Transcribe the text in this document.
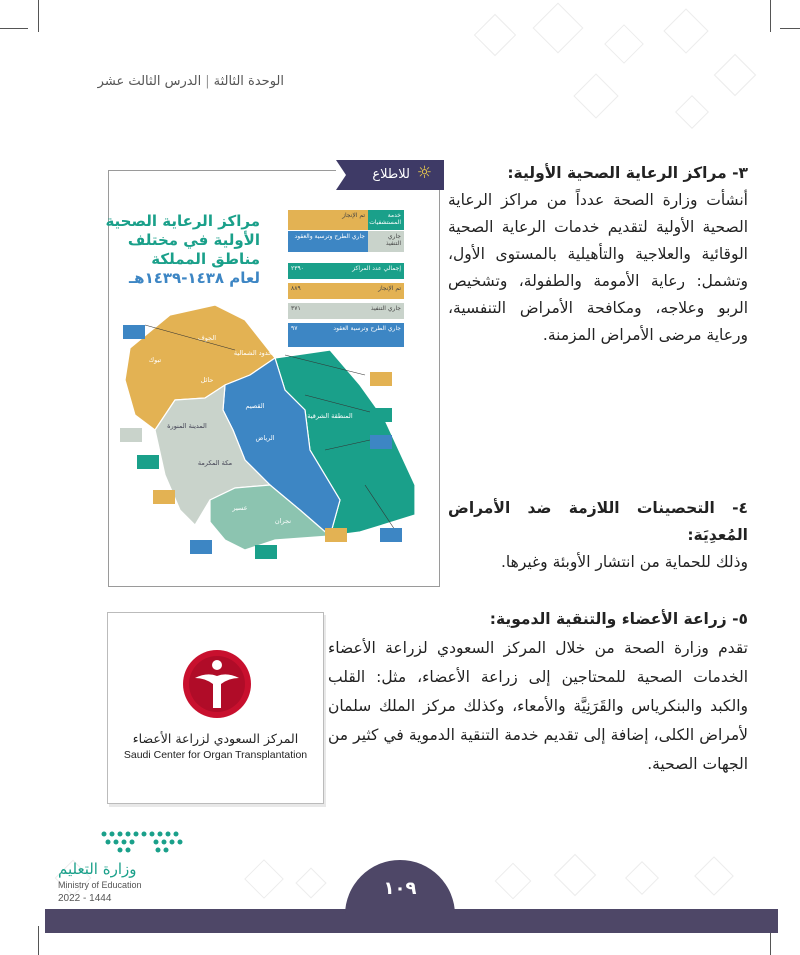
الوحدة الثالثة|الدرس الثالث عشر
للاطلاع ☼
مراكز الرعاية الصحية
الأولية في مختلف
مناطق المملكة
لعام ١٤٣٨-١٤٣٩هـ
تم الإنجاز	خدمة المستشفيات
جاري الطرح وترسية والعقود	جاري التنفيذ
إجمالي عدد المراكز
٢٣٩٠
تم الإنجاز
٨٨٩
جاري التنفيذ
٣٧١
جاري الطرح وترسية العقود
٩٧
الجوف
الحدود الشمالية
تبوك
حائل
القصيم
المدينة المنورة
مكة المكرمة
الرياض
المنطقة الشرقية
عسير
نجران
٣- مراكز الرعاية الصحية الأولية:
أنشأت وزارة الصحة عدداً من مراكز الرعاية الصحية الأولية لتقديم خدمات الرعاية الصحية الوقائية والعلاجية والتأهيلية بالمستوى الأول، وتشمل: رعاية الأمومة والطفولة، وتشخيص الربو وعلاجه، ومكافحة الأمراض التنفسية، ورعاية مرضى الأمراض المزمنة.
٤- التحصينات اللازمة ضد الأمراض المُعدِيَة:
وذلك للحماية من انتشار الأوبئة وغيرها.
٥- زراعة الأعضاء والتنقية الدموية:
تقدم وزارة الصحة من خلال المركز السعودي لزراعة الأعضاء الخدمات الصحية للمحتاجين إلى زراعة الأعضاء، مثل: القلب والكبد والبنكرياس والقَرَنِيَّة والأمعاء، وكذلك مركز الملك سلمان لأمراض الكلى، إضافة إلى تقديم خدمة التنقية الدموية في كثير من الجهات الصحية.
المركز السعودي لزراعة الأعضاء
Saudi Center for Organ Transplantation
١٠٩
وزارة التعليم
Ministry of Education
2022 - 1444
